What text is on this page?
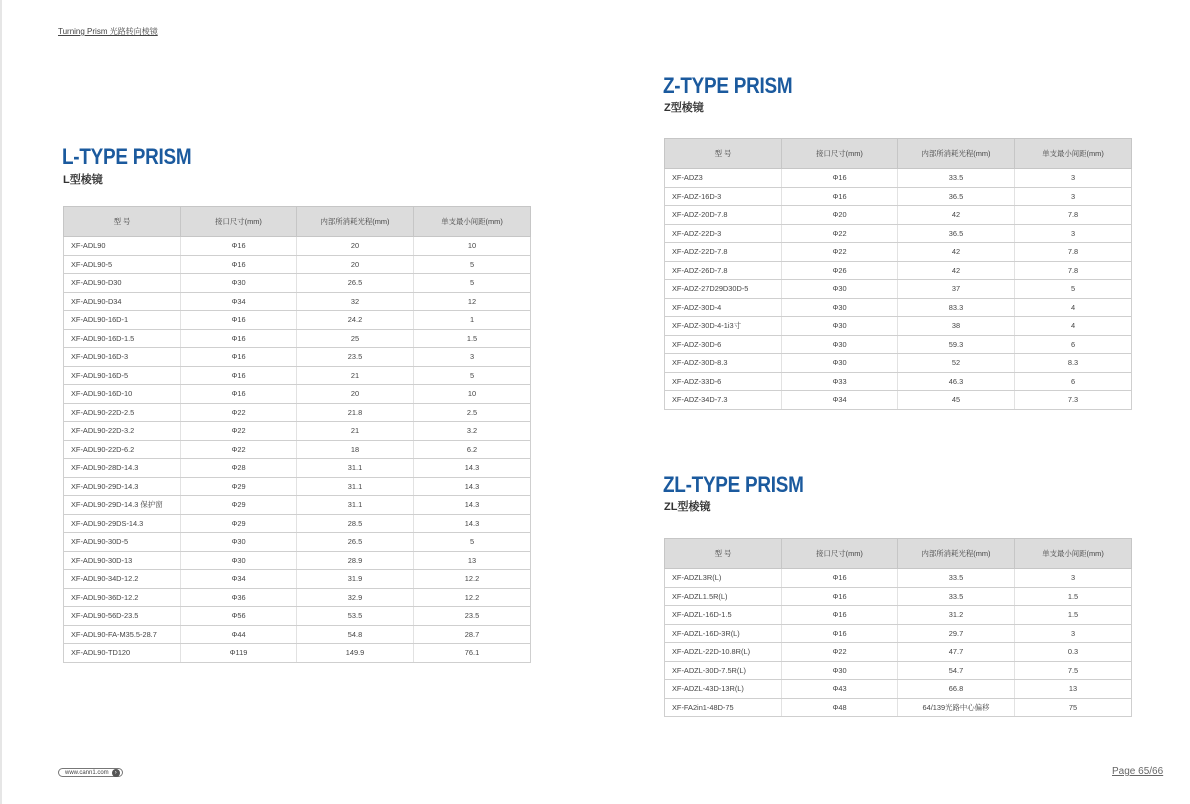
Turning Prism 光路转向棱镜
L-TYPE PRISM
L型棱镜
型 号	接口尺寸(mm)	内部所消耗光程(mm)	单支最小间距(mm)
XF-ADL90	Φ16	20	10
XF-ADL90-5	Φ16	20	5
XF-ADL90-D30	Φ30	26.5	5
XF-ADL90-D34	Φ34	32	12
XF-ADL90-16D-1	Φ16	24.2	1
XF-ADL90-16D-1.5	Φ16	25	1.5
XF-ADL90-16D-3	Φ16	23.5	3
XF-ADL90-16D-5	Φ16	21	5
XF-ADL90-16D-10	Φ16	20	10
XF-ADL90-22D-2.5	Φ22	21.8	2.5
XF-ADL90-22D-3.2	Φ22	21	3.2
XF-ADL90-22D-6.2	Φ22	18	6.2
XF-ADL90-28D-14.3	Φ28	31.1	14.3
XF-ADL90-29D-14.3	Φ29	31.1	14.3
XF-ADL90-29D-14.3 保护窗	Φ29	31.1	14.3
XF-ADL90-29DS-14.3	Φ29	28.5	14.3
XF-ADL90-30D-5	Φ30	26.5	5
XF-ADL90-30D-13	Φ30	28.9	13
XF-ADL90-34D-12.2	Φ34	31.9	12.2
XF-ADL90-36D-12.2	Φ36	32.9	12.2
XF-ADL90-56D-23.5	Φ56	53.5	23.5
XF-ADL90-FA-M35.5-28.7	Φ44	54.8	28.7
XF-ADL90-TD120	Φ119	149.9	76.1
Z-TYPE PRISM
Z型棱镜
型 号	接口尺寸(mm)	内部所消耗光程(mm)	单支最小间距(mm)
XF-ADZ3	Φ16	33.5	3
XF-ADZ-16D-3	Φ16	36.5	3
XF-ADZ-20D-7.8	Φ20	42	7.8
XF-ADZ-22D-3	Φ22	36.5	3
XF-ADZ-22D-7.8	Φ22	42	7.8
XF-ADZ-26D-7.8	Φ26	42	7.8
XF-ADZ-27D29D30D-5	Φ30	37	5
XF-ADZ-30D-4	Φ30	83.3	4
XF-ADZ-30D-4-1i3寸	Φ30	38	4
XF-ADZ-30D-6	Φ30	59.3	6
XF-ADZ-30D-8.3	Φ30	52	8.3
XF-ADZ-33D-6	Φ33	46.3	6
XF-ADZ-34D-7.3	Φ34	45	7.3
ZL-TYPE PRISM
ZL型棱镜
型 号	接口尺寸(mm)	内部所消耗光程(mm)	单支最小间距(mm)
XF-ADZL3R(L)	Φ16	33.5	3
XF-ADZL1.5R(L)	Φ16	33.5	1.5
XF-ADZL-16D-1.5	Φ16	31.2	1.5
XF-ADZL-16D-3R(L)	Φ16	29.7	3
XF-ADZL-22D-10.8R(L)	Φ22	47.7	0.3
XF-ADZL-30D-7.5R(L)	Φ30	54.7	7.5
XF-ADZL-43D-13R(L)	Φ43	66.8	13
XF-FA2in1-48D-75	Φ48	64/139光路中心偏移	75
www.cann1.com	›	Page 65/66
